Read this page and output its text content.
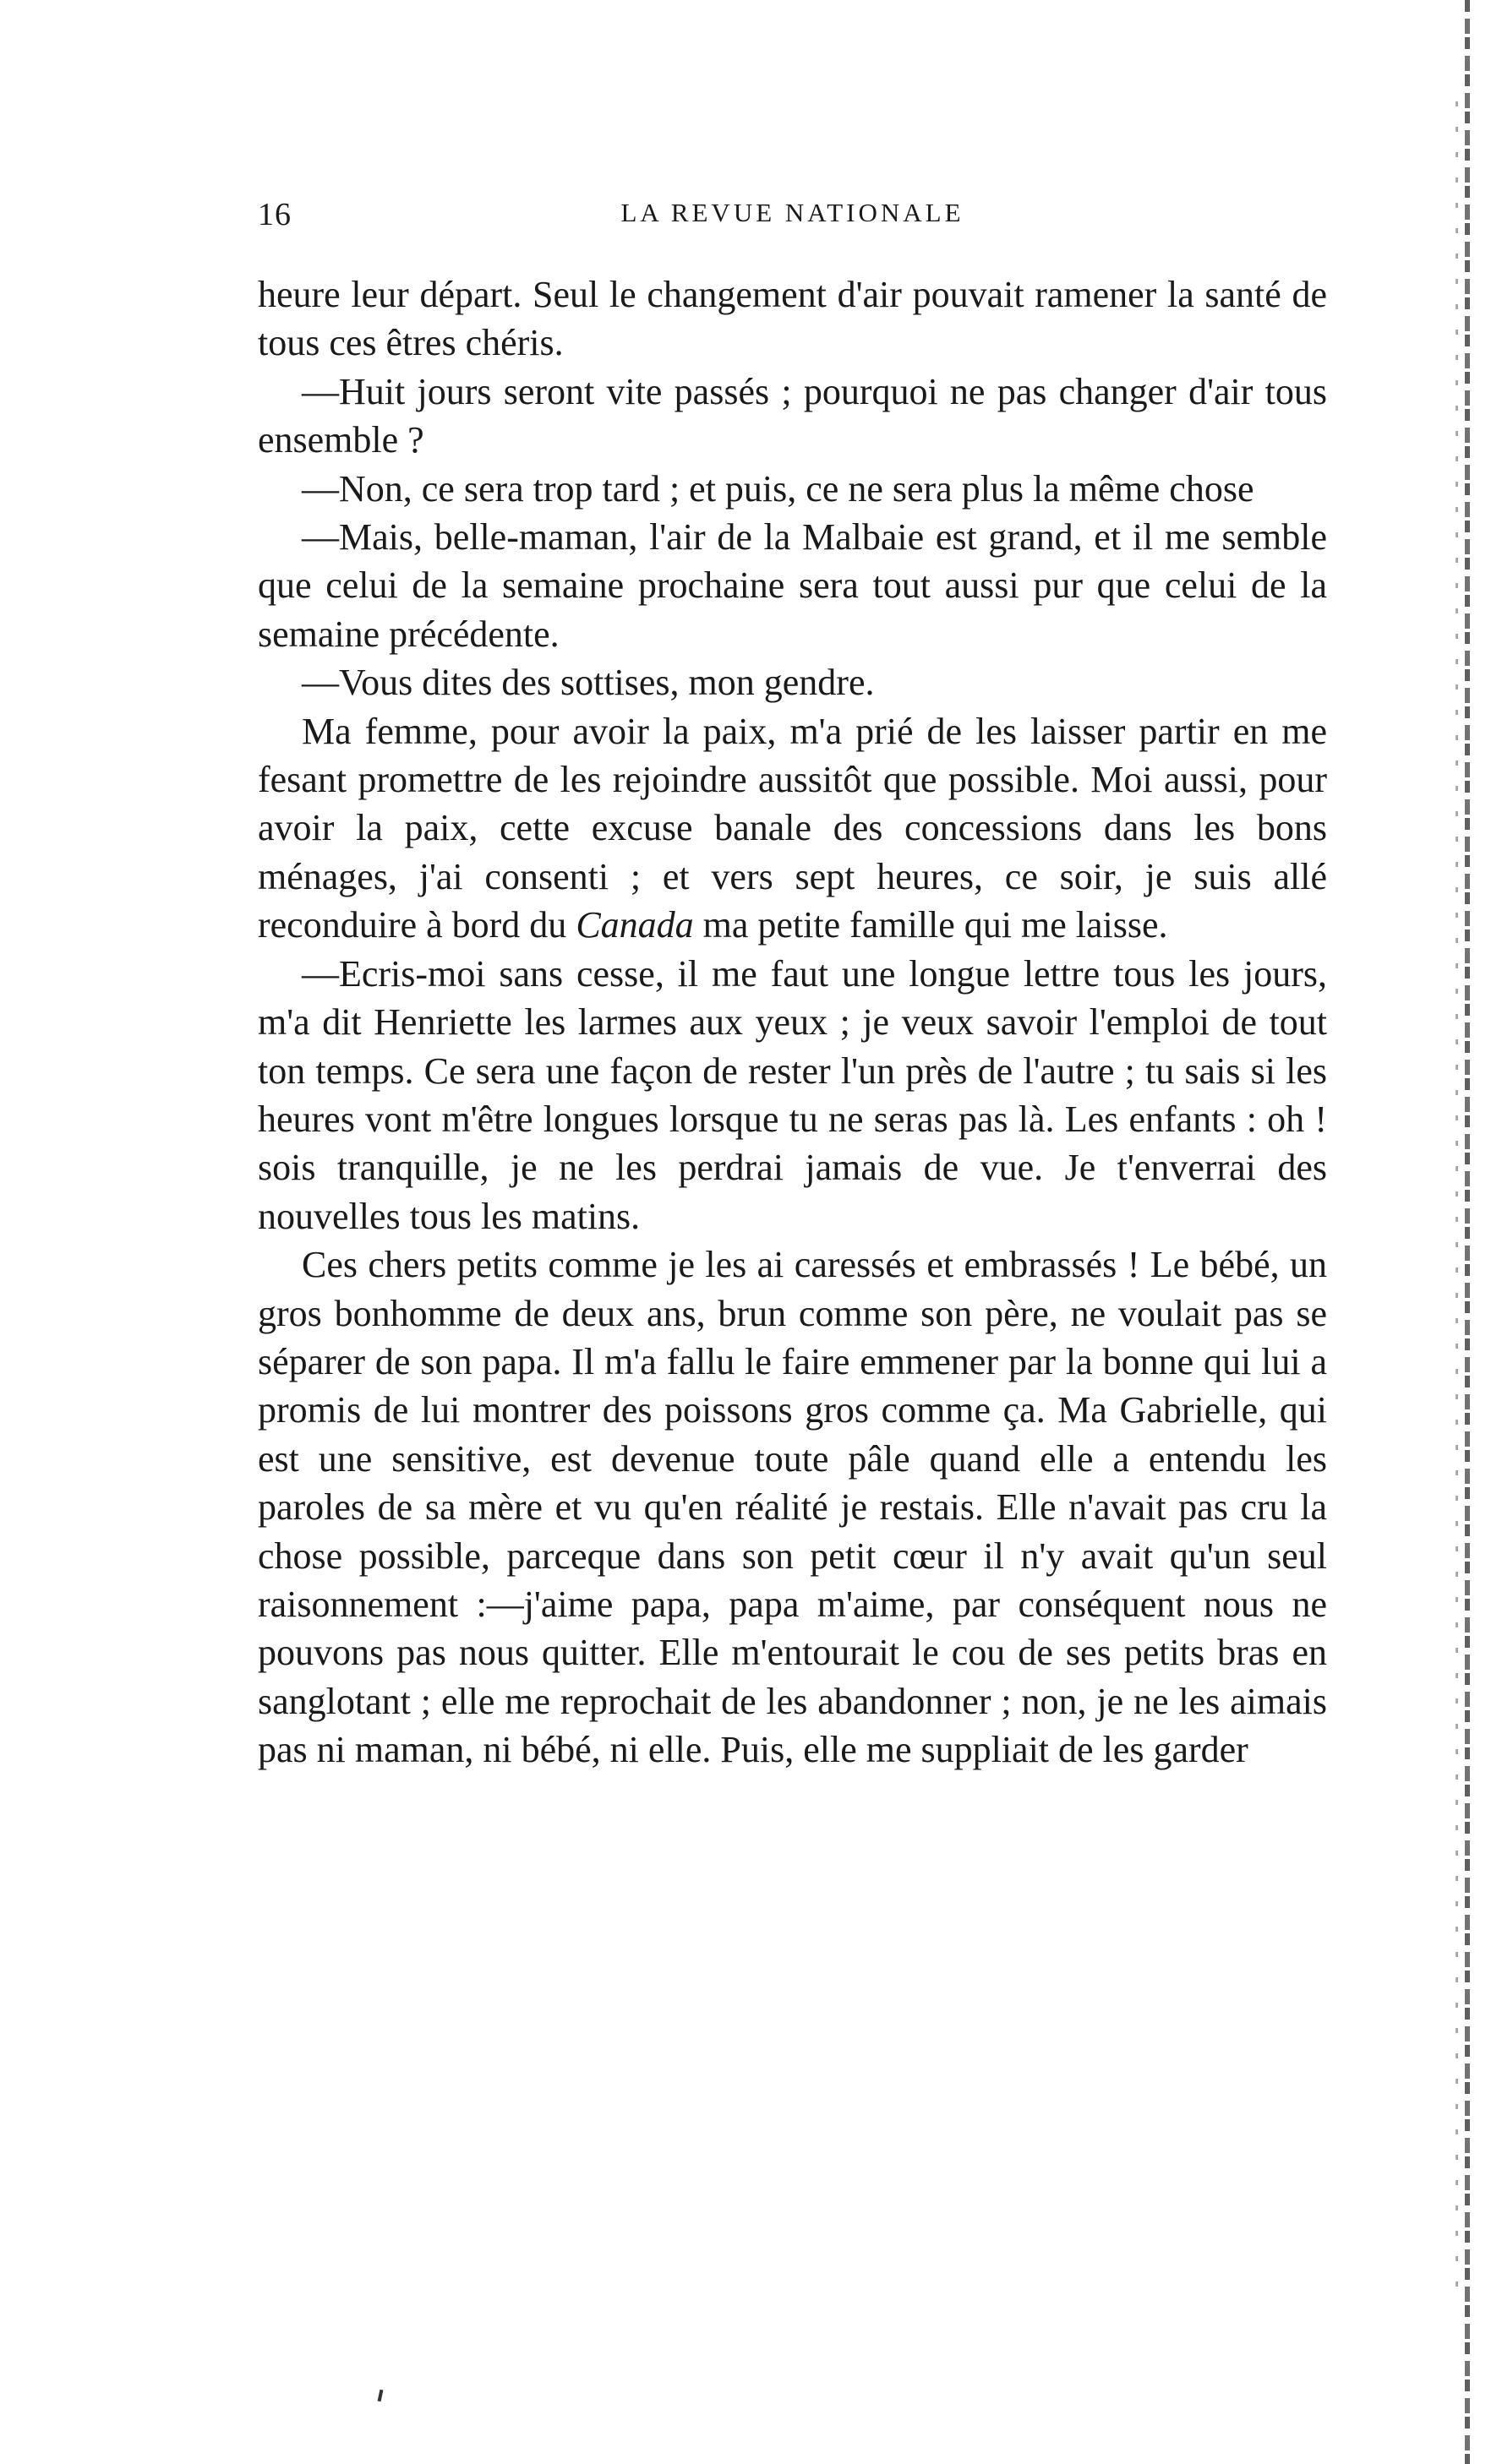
16	LA REVUE NATIONALE

heure leur départ. Seul le changement d'air pouvait ramener la santé de tous ces êtres chéris.

—Huit jours seront vite passés ; pourquoi ne pas changer d'air tous ensemble ?

—Non, ce sera trop tard ; et puis, ce ne sera plus la même chose

—Mais, belle-maman, l'air de la Malbaie est grand, et il me semble que celui de la semaine prochaine sera tout aussi pur que celui de la semaine précédente.

—Vous dites des sottises, mon gendre.

Ma femme, pour avoir la paix, m'a prié de les laisser partir en me fesant promettre de les rejoindre aussitôt que possible. Moi aussi, pour avoir la paix, cette excuse banale des concessions dans les bons ménages, j'ai consenti ; et vers sept heures, ce soir, je suis allé reconduire à bord du Canada ma petite famille qui me laisse.

—Ecris-moi sans cesse, il me faut une longue lettre tous les jours, m'a dit Henriette les larmes aux yeux ; je veux savoir l'emploi de tout ton temps. Ce sera une façon de rester l'un près de l'autre ; tu sais si les heures vont m'être longues lorsque tu ne seras pas là. Les enfants : oh ! sois tranquille, je ne les perdrai jamais de vue. Je t'enverrai des nouvelles tous les matins.

Ces chers petits comme je les ai caressés et embrassés ! Le bébé, un gros bonhomme de deux ans, brun comme son père, ne voulait pas se séparer de son papa. Il m'a fallu le faire emmener par la bonne qui lui a promis de lui montrer des poissons gros comme ça. Ma Gabrielle, qui est une sensitive, est devenue toute pâle quand elle a entendu les paroles de sa mère et vu qu'en réalité je restais. Elle n'avait pas cru la chose possible, parceque dans son petit cœur il n'y avait qu'un seul raisonnement :—j'aime papa, papa m'aime, par conséquent nous ne pouvons pas nous quitter. Elle m'entourait le cou de ses petits bras en sanglotant ; elle me reprochait de les abandonner ; non, je ne les aimais pas ni maman, ni bébé, ni elle. Puis, elle me suppliait de les garder
